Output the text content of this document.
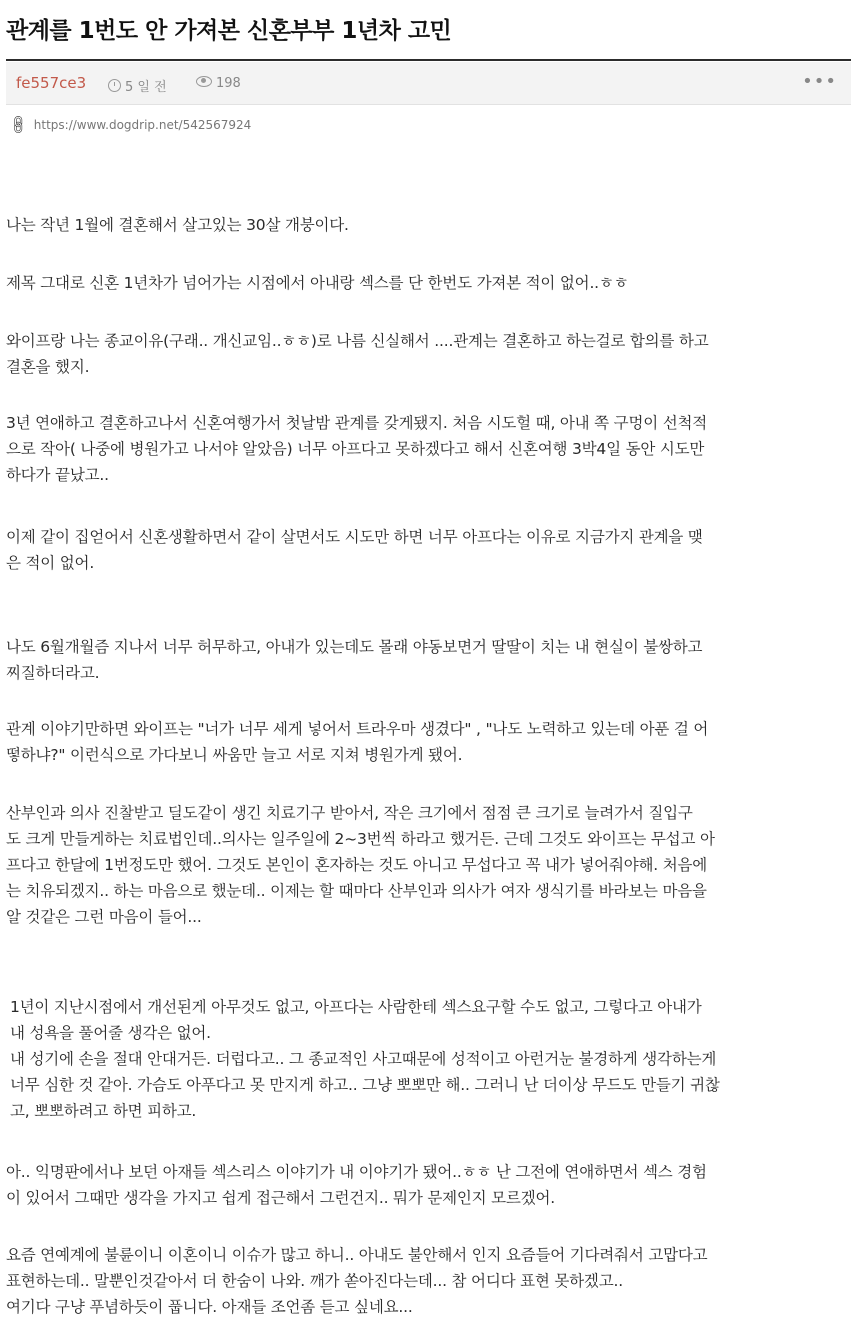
관계를 1번도 안 가져본 신혼부부 1년차 고민
fe557ce3	5 일 전	198	•••
🔗︎ https://www.dogdrip.net/542567924

나는 작년 1월에 결혼해서 살고있는 30살 개붕이다.

제목 그대로 신혼 1년차가 넘어가는 시점에서 아내랑 섹스를 단 한번도 가져본 적이 없어..ㅎㅎ

와이프랑 나는 종교이유(구래.. 개신교임..ㅎㅎ)로 나름 신실해서 ....관계는 결혼하고 하는걸로 합의를 하고
결혼을 했지.

3년 연애하고 결혼하고나서 신혼여행가서 첫날밤 관계를 갖게됐지. 처음 시도헐 때, 아내 쪽 구멍이 선척적
으로 작아( 나중에 병원가고 나서야 알았음) 너무 아프다고 못하겠다고 해서 신혼여행 3박4일 동안 시도만
하다가 끝났고..

이제 같이 집얻어서 신혼생활하면서 같이 살면서도 시도만 하면 너무 아프다는 이유로 지금가지 관계을 맺
은 적이 없어.

나도 6월개월즘 지나서 너무 허무하고, 아내가 있는데도 몰래 야동보면거 딸딸이 치는 내 현실이 불쌍하고
찌질하더라고.

관계 이야기만하면 와이프는 "너가 너무 세게 넣어서 트라우마 생겼다" , "나도 노력하고 있는데 아푼 걸 어
떻하냐?" 이런식으로 가다보니 싸움만 늘고 서로 지쳐 병원가게 됐어.

산부인과 의사 진찰받고 딜도같이 생긴 치료기구 받아서, 작은 크기에서 점점 큰 크기로 늘려가서 질입구
도 크게 만들게하는 치료법인데..의사는 일주일에 2~3번씩 하라고 했거든. 근데 그것도 와이프는 무섭고 아
프다고 한달에 1번정도만 했어. 그것도 본인이 혼자하는 것도 아니고 무섭다고 꼭 내가 넣어줘야해. 처음에
는 치유되겠지.. 하는 마음으로 했눈데.. 이제는 할 때마다 산부인과 의사가 여자 생식기를 바라보는 마음을
알 것같은 그런 마음이 들어...

1년이 지난시점에서 개선된게 아무것도 없고, 아프다는 사람한테 섹스요구할 수도 없고, 그렇다고 아내가
내 성욕을 풀어줄 생각은 없어.
내 성기에 손을 절대 안대거든. 더럽다고.. 그 종교적인 사고때문에 성적이고 아런거눈 불경하게 생각하는게
너무 심한 것 같아. 가슴도 아푸다고 못 만지게 하고.. 그냥 뽀뽀만 해.. 그러니 난 더이상 무드도 만들기 귀찮
고, 뽀뽀하려고 하면 피하고.

아.. 익명판에서나 보던 아재들 섹스리스 이야기가 내 이야기가 됐어..ㅎㅎ 난 그전에 연애하면서 섹스 경험
이 있어서 그때만 생각을 가지고 쉽게 접근해서 그런건지.. 뭐가 문제인지 모르겠어.

요즘 연예계에 불륜이니 이혼이니 이슈가 많고 하니.. 아내도 불안해서 인지 요즘들어 기다려줘서 고맙다고
표현하는데.. 말뿐인것같아서 더 한숨이 나와. 깨가 쏟아진다는데... 참 어디다 표현 못하겠고..
여기다 구냥 푸념하듯이 풉니다. 아재들 조언좀 듣고 싶네요...
